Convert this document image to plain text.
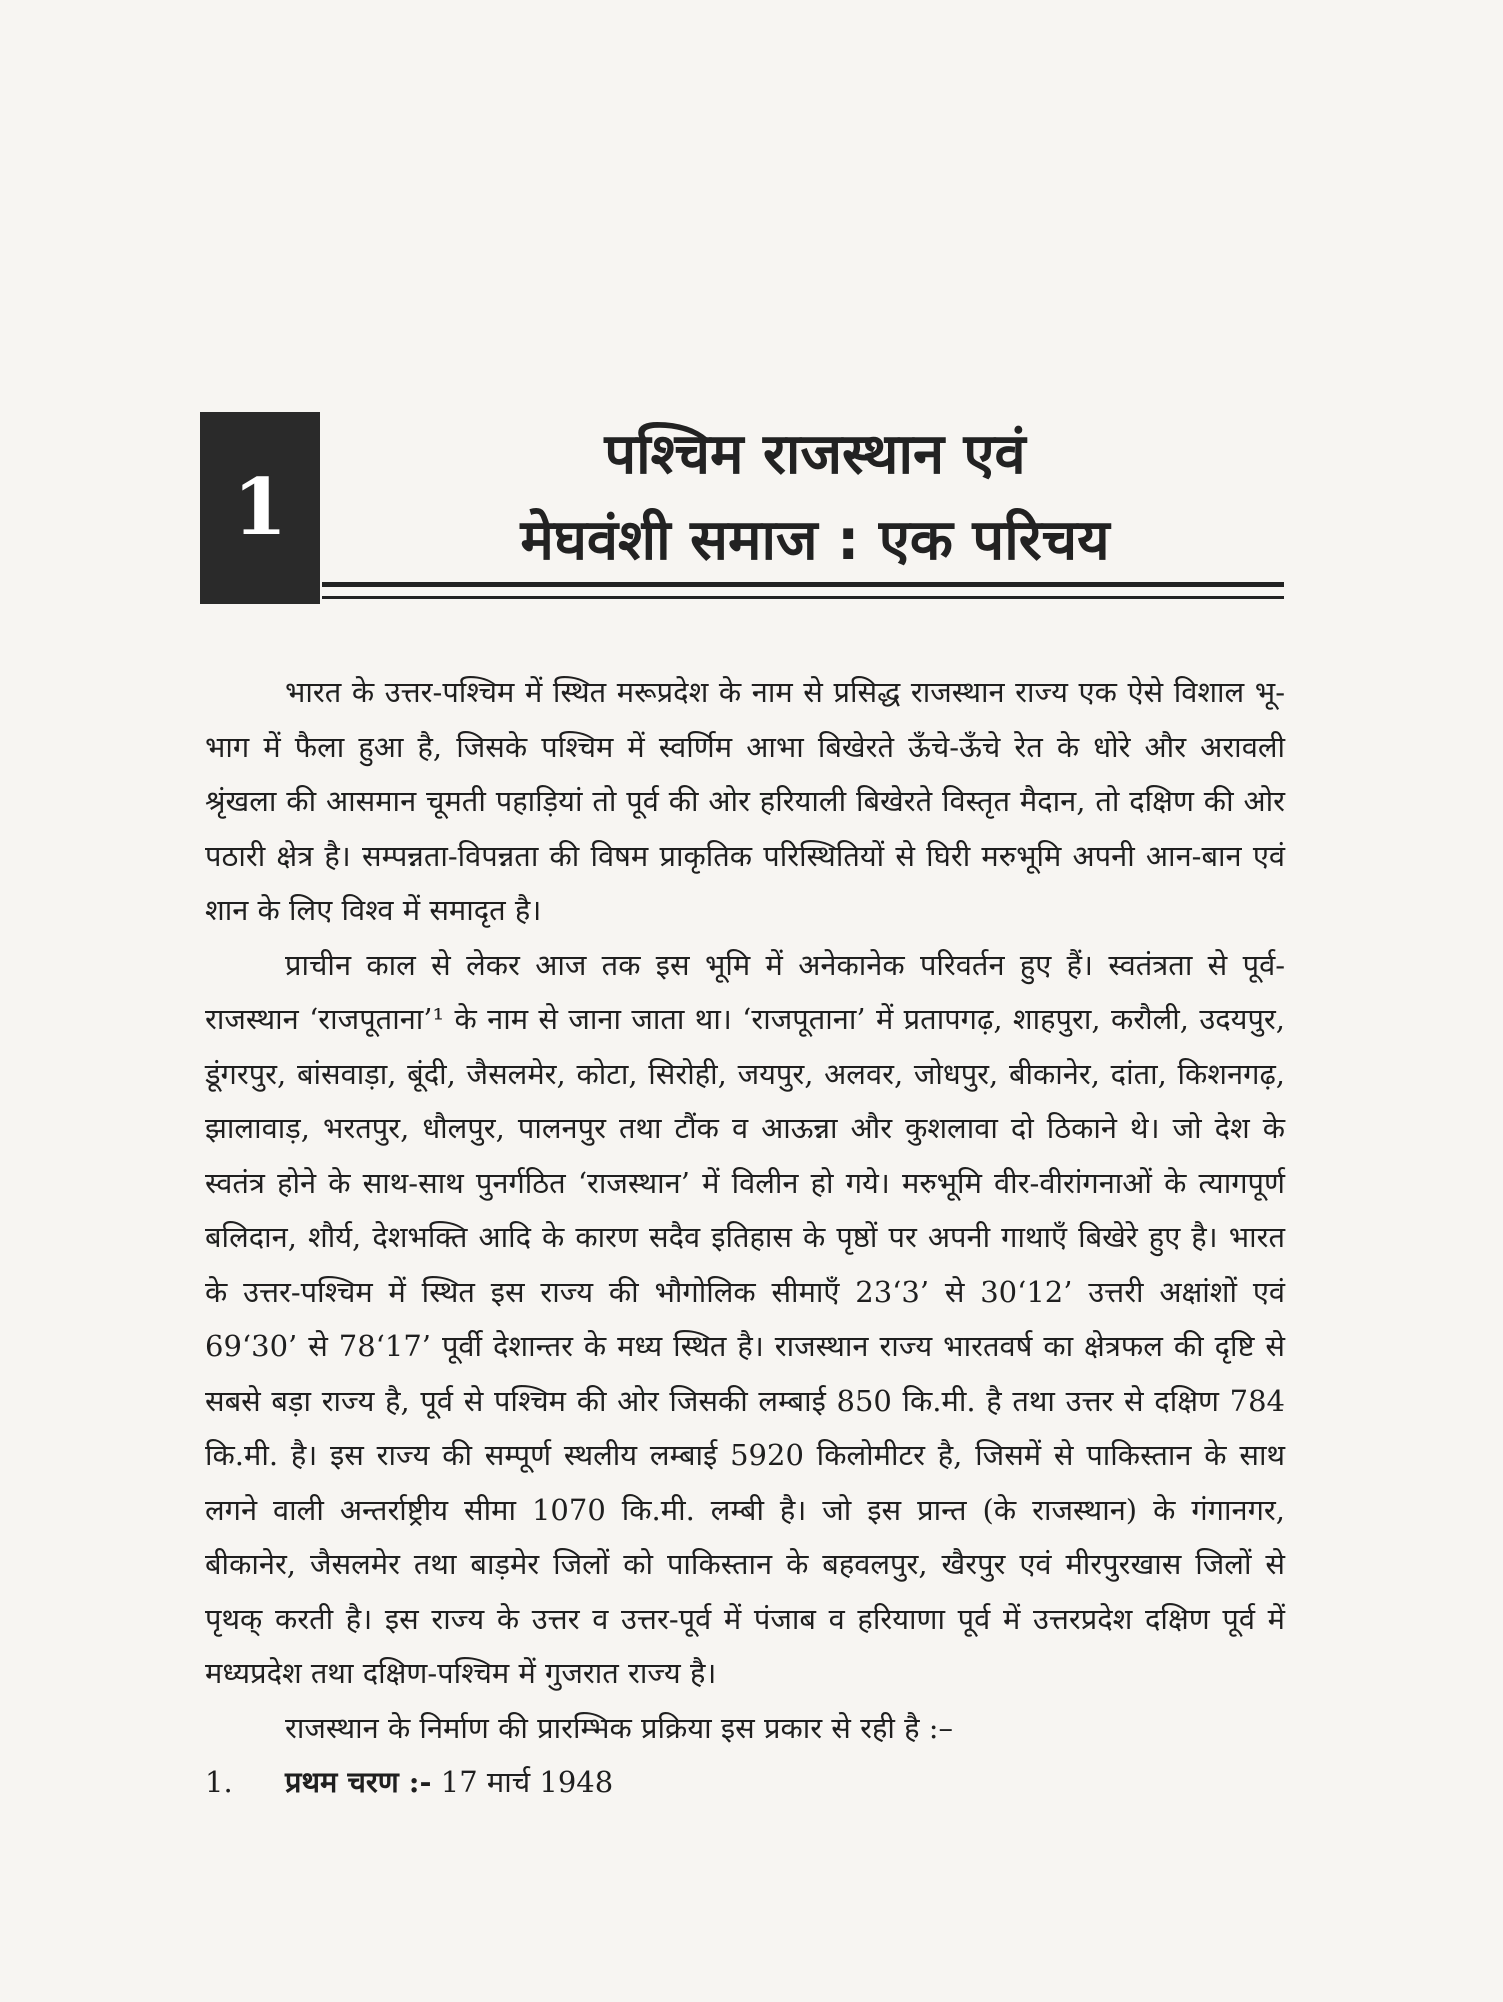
1
पश्चिम राजस्थान एवं
मेघवंशी समाज : एक परिचय

भारत के उत्तर-पश्चिम में स्थित मरूप्रदेश के नाम से प्रसिद्ध राजस्थान राज्य एक ऐसे विशाल भू-भाग में फैला हुआ है, जिसके पश्चिम में स्वर्णिम आभा बिखेरते ऊँचे-ऊँचे रेत के धोरे और अरावली श्रृंखला की आसमान चूमती पहाड़ियां तो पूर्व की ओर हरियाली बिखेरते विस्तृत मैदान, तो दक्षिण की ओर पठारी क्षेत्र है। सम्पन्नता-विपन्नता की विषम प्राकृतिक परिस्थितियों से घिरी मरुभूमि अपनी आन-बान एवं शान के लिए विश्व में समादृत है।

प्राचीन काल से लेकर आज तक इस भूमि में अनेकानेक परिवर्तन हुए हैं। स्वतंत्रता से पूर्व- राजस्थान ‘राजपूताना’¹ के नाम से जाना जाता था। ‘राजपूताना’ में प्रतापगढ़, शाहपुरा, करौली, उदयपुर, डूंगरपुर, बांसवाड़ा, बूंदी, जैसलमेर, कोटा, सिरोही, जयपुर, अलवर, जोधपुर, बीकानेर, दांता, किशनगढ़, झालावाड़, भरतपुर, धौलपुर, पालनपुर तथा टौंक व आऊन्ना और कुशलावा दो ठिकाने थे। जो देश के स्वतंत्र होने के साथ-साथ पुनर्गठित ‘राजस्थान’ में विलीन हो गये। मरुभूमि वीर-वीरांगनाओं के त्यागपूर्ण बलिदान, शौर्य, देशभक्ति आदि के कारण सदैव इतिहास के पृष्ठों पर अपनी गाथाएँ बिखेरे हुए है। भारत के उत्तर-पश्चिम में स्थित इस राज्य की भौगोलिक सीमाएँ 23‘3’ से 30‘12’ उत्तरी अक्षांशों एवं 69‘30’ से 78‘17’ पूर्वी देशान्तर के मध्य स्थित है। राजस्थान राज्य भारतवर्ष का क्षेत्रफल की दृष्टि से सबसे बड़ा राज्य है, पूर्व से पश्चिम की ओर जिसकी लम्बाई 850 कि.मी. है तथा उत्तर से दक्षिण 784 कि.मी. है। इस राज्य की सम्पूर्ण स्थलीय लम्बाई 5920 किलोमीटर है, जिसमें से पाकिस्तान के साथ लगने वाली अन्तर्राष्ट्रीय सीमा 1070 कि.मी. लम्बी है। जो इस प्रान्त (के राजस्थान) के गंगानगर, बीकानेर, जैसलमेर तथा बाड़मेर जिलों को पाकिस्तान के बहवलपुर, खैरपुर एवं मीरपुरखास जिलों से पृथक् करती है। इस राज्य के उत्तर व उत्तर-पूर्व में पंजाब व हरियाणा पूर्व में उत्तरप्रदेश दक्षिण पूर्व में मध्यप्रदेश तथा दक्षिण-पश्चिम में गुजरात राज्य है।

राजस्थान के निर्माण की प्रारम्भिक प्रक्रिया इस प्रकार से रही है :–

1. प्रथम चरण :- 17 मार्च 1948
